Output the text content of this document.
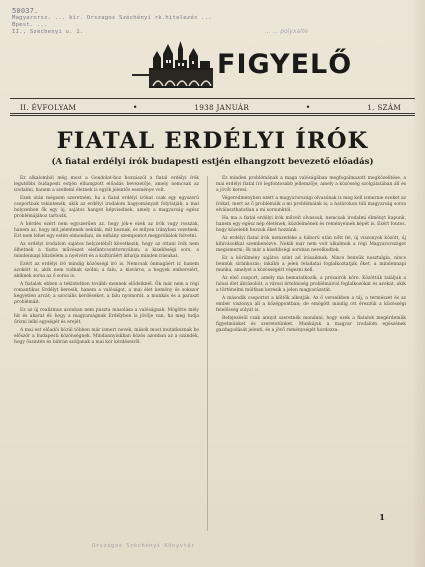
50037.
Magyarorsz. ... kir. Orszagos Széchényi rk.hitelezés ...
Bpest. ...
II., Széchenyi u. 1.	... ... polyxalte
FIGYELŐ
II. ÉVFOLYAM	•	1938 JANUÁR	•	1. SZÁM
FIATAL ERDÉLYI ÍRÓK
(A fiatal erdélyi írók budapesti estjén elhangzott bevezető előadás)

Ez alkalomból még most a Gondolat-hoz hozzászól a fiatal erdélyi írók legutóbbi budapesti estjén elhangzott előadás bevezetője, amely nemcsak az irodalmi, hanem a szellemi életnek is egyik jelentős eseménye volt.

Ezek után mégsem szeretném, ha a fiatal erdélyi írókat csak egy egyszerű csoportnak tekintenék, akik az erdélyi irodalom hagyományait folytatják; a mai helyzetben ők egy új, sajátos hangot képviselnek, amely a magyarság egész problémájához tartozik.

A kérdés ezért nem egyszerűen az, hogy jók-e ezek az írók vagy rosszak, hanem az, hogy mit jelentenek nekünk, mit hoznak, és milyen irányban vezetnek. Ezt nem lehet egy estén elmondani, de néhány szempontot megpróbálok felvetni.

Az erdélyi irodalom sajátos helyzetéből következik, hogy az ottani írók nem élhetnek a tiszta művészet elefántcsonttornyában; a kisebbségi sors, a mindennapi küzdelem a nyelvért és a kultúráért áthatja minden írásukat.

Ezért az erdélyi író mindig közösségi író is. Nemcsak önmagáért ír, hanem azokért is, akik nem tudnak szólni; a falu, a kisváros, a hegyek embereiért, akiknek sorsa az ő sorsa is.

A fiatalok ebben a tekintetben tovább mennek elődeiknél. Ők már nem a régi romantikus Erdélyt keresik, hanem a valóságot, a mai élet kemény és sokszor kegyetlen arcát; a szociális kérdéseket, a falu nyomorát, a munkás és a paraszt problémáit.

Ez az új realizmus azonban nem puszta másolása a valóságnak. Mögötte mély hit és akarat él: hogy a magyarságnak Erdélyben is jövője van, ha meg tudja őrizni lelki egységét és erejét.

A mai est előadói közül többen már ismert nevek, mások most mutatkoznak be először a budapesti közönségnek. Mindannyiukban közös azonban az a szándék, hogy őszintén és bátran szóljanak a mai kor kérdéseiről.

Ez minden problémának a maga valóságában megfogalmazott megközelítése, a mai erdélyi fiatal író legfontosabb jellemzője, amely a közösség szolgálatában áll és a jövőt keresi.

Végeredményben ezért a magyarországi olvasónak is meg kell ismernie ezeket az írókat, mert az ő problémáik a mi problémáink is; a határokon túli magyarság sorsa elválaszthatatlan a mi sorsunktól.

Ha ma a fiatal erdélyi írók műveit olvassuk, nemcsak irodalmi élményt kapunk, hanem egy egész nép életének, küzdelmének és reményeinek képét is. Ezért fontos, hogy közelebb hozzuk őket hozzánk.

Az erdélyi fiatal írók nemzedéke a háború után nőtt fel, új viszonyok között, új kihívásokkal szembenézve. Nekik már nem volt alkalmuk a régi Magyarországot megismerni; ők már a kisebbségi sorsban nevelkedtek.

Ez a körülmény sajátos színt ad írásaiknak. Nincs bennük nosztalgia, nincs bennük siránkozás; inkább a jelen feladatai foglalkoztatják őket, a mindennapi munka, amelyet a közösségért végezni kell.

Az első csoport, amely ma bemutatkozik, a prózaírók köre. Közöttük találjuk a falusi élet ábrázolóit, a városi értelmiség problémáival foglalkozókat és azokat, akik a történelmi múltban keresik a jelen magyarázatát.

A második csoportot a költők alkotják. Az ő verseikben a táj, a természet és az ember viszonya áll a középpontban; de emögött mindig ott érezzük a közösségi felelősség súlyát is.

Befejezésül csak annyit szeretnék mondani, hogy ezek a fiatalok megérdemlik figyelmünket és szeretetünket. Munkájuk a magyar irodalom egészének gazdagodását jelenti, és a jövő reménységét hordozza.

1
Országos Széchényi Könyvtár
